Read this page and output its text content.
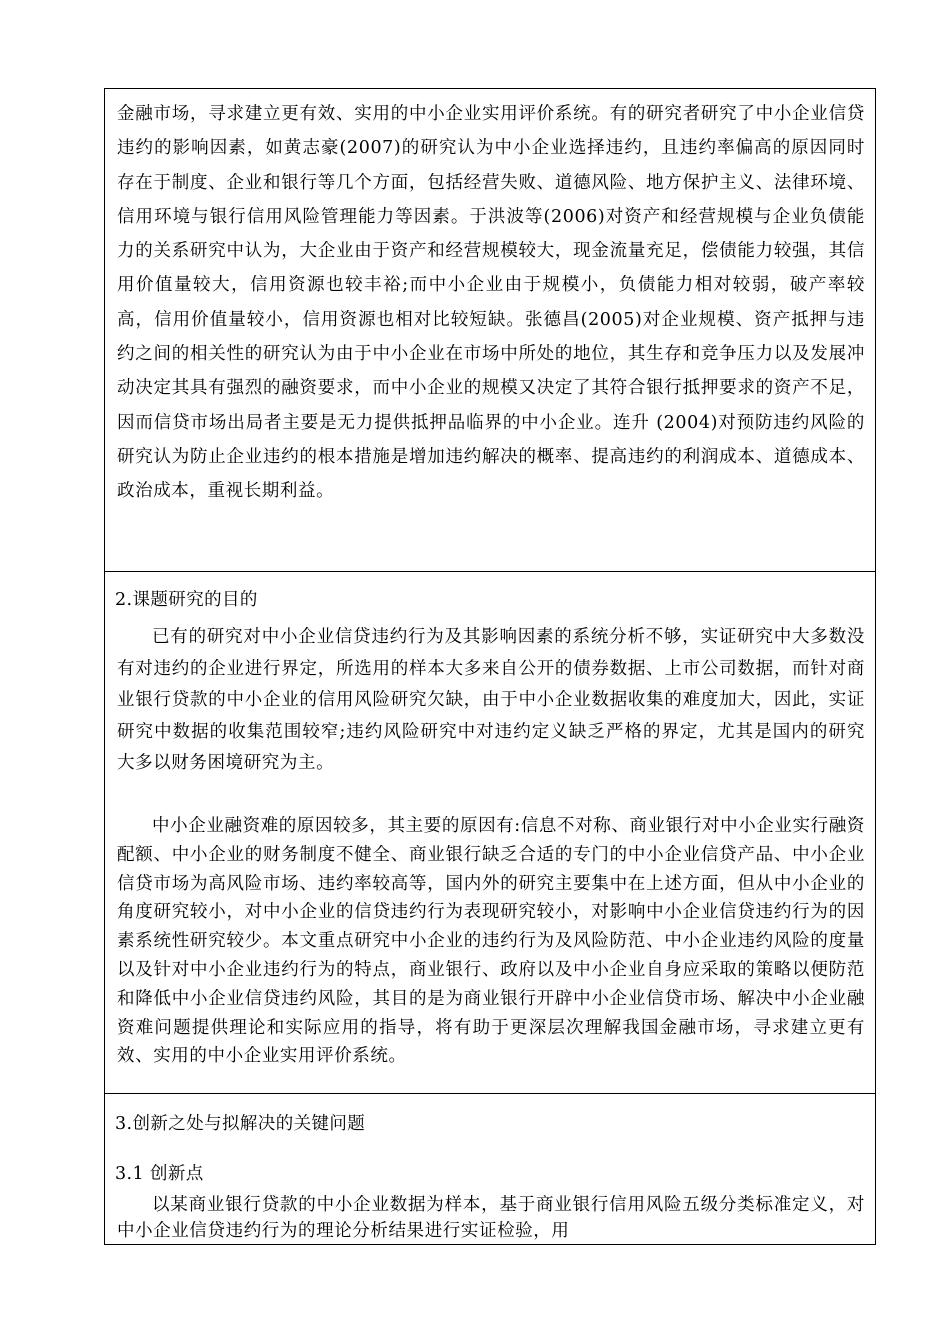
金融市场，寻求建立更有效、实用的中小企业实用评价系统。有的研究者研究了中小企业信贷违约的影响因素，如黄志豪(2007)的研究认为中小企业选择违约，且违约率偏高的原因同时存在于制度、企业和银行等几个方面，包括经营失败、道德风险、地方保护主义、法律环境、信用环境与银行信用风险管理能力等因素。于洪波等(2006)对资产和经营规模与企业负债能力的关系研究中认为，大企业由于资产和经营规模较大，现金流量充足，偿债能力较强，其信用价值量较大，信用资源也较丰裕;而中小企业由于规模小，负债能力相对较弱，破产率较高，信用价值量较小，信用资源也相对比较短缺。张德昌(2005)对企业规模、资产抵押与违约之间的相关性的研究认为由于中小企业在市场中所处的地位，其生存和竞争压力以及发展冲动决定其具有强烈的融资要求，而中小企业的规模又决定了其符合银行抵押要求的资产不足，因而信贷市场出局者主要是无力提供抵押品临界的中小企业。连升 (2004)对预防违约风险的研究认为防止企业违约的根本措施是增加违约解决的概率、提高违约的利润成本、道德成本、政治成本，重视长期利益。

2.课题研究的目的

已有的研究对中小企业信贷违约行为及其影响因素的系统分析不够，实证研究中大多数没有对违约的企业进行界定，所选用的样本大多来自公开的债券数据、上市公司数据，而针对商业银行贷款的中小企业的信用风险研究欠缺，由于中小企业数据收集的难度加大，因此，实证研究中数据的收集范围较窄;违约风险研究中对违约定义缺乏严格的界定，尤其是国内的研究大多以财务困境研究为主。

中小企业融资难的原因较多，其主要的原因有:信息不对称、商业银行对中小企业实行融资配额、中小企业的财务制度不健全、商业银行缺乏合适的专门的中小企业信贷产品、中小企业信贷市场为高风险市场、违约率较高等，国内外的研究主要集中在上述方面，但从中小企业的角度研究较小，对中小企业的信贷违约行为表现研究较小，对影响中小企业信贷违约行为的因素系统性研究较少。本文重点研究中小企业的违约行为及风险防范、中小企业违约风险的度量以及针对中小企业违约行为的特点，商业银行、政府以及中小企业自身应采取的策略以便防范和降低中小企业信贷违约风险，其目的是为商业银行开辟中小企业信贷市场、解决中小企业融资难问题提供理论和实际应用的指导，将有助于更深层次理解我国金融市场，寻求建立更有效、实用的中小企业实用评价系统。

3.创新之处与拟解决的关键问题
3.1 创新点

以某商业银行贷款的中小企业数据为样本，基于商业银行信用风险五级分类标准定义，对中小企业信贷违约行为的理论分析结果进行实证检验，用
